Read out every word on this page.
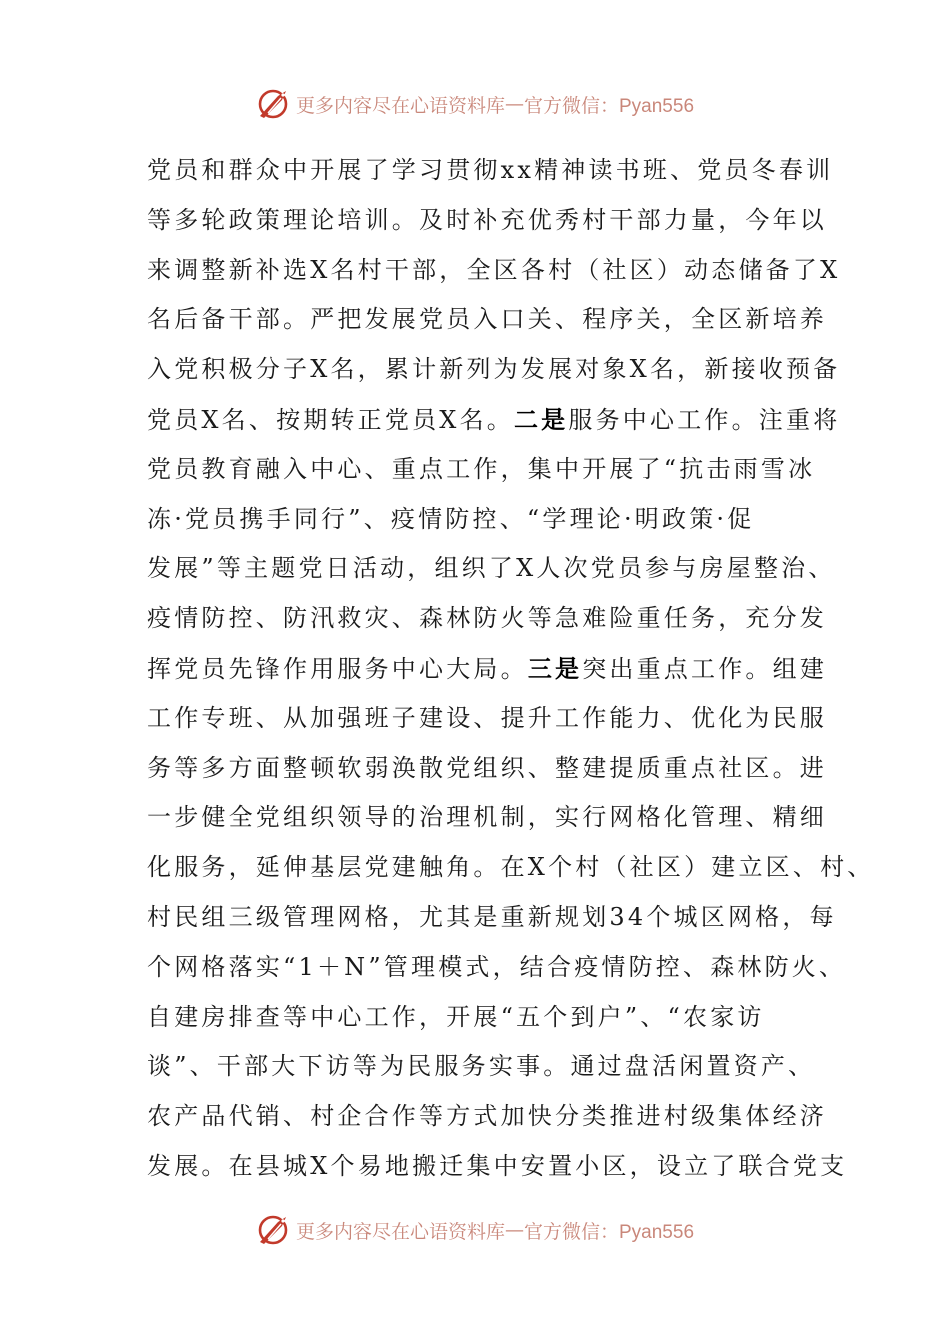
更多内容尽在心语资料库 — 官方微信：Pyan556
党员和群众中开展了学习贯彻xx精神读书班、党员冬春训
等多轮政策理论培训。及时补充优秀村干部力量，今年以
来调整新补选X名村干部，全区各村（社区）动态储备了X
名后备干部。严把发展党员入口关、程序关，全区新培养
入党积极分子X名，累计新列为发展对象X名，新接收预备
党员X名、按期转正党员X名。二是服务中心工作。注重将
党员教育融入中心、重点工作，集中开展了“抗击雨雪冰
冻·党员携手同行”、疫情防控、“学理论·明政策·促
发展”等主题党日活动，组织了X人次党员参与房屋整治、
疫情防控、防汛救灾、森林防火等急难险重任务，充分发
挥党员先锋作用服务中心大局。三是突出重点工作。组建
工作专班、从加强班子建设、提升工作能力、优化为民服
务等多方面整顿软弱涣散党组织、整建提质重点社区。进
一步健全党组织领导的治理机制，实行网格化管理、精细
化服务，延伸基层党建触角。在X个村（社区）建立区、村、
村民组三级管理网格，尤其是重新规划34个城区网格，每
个网格落实“1＋N”管理模式，结合疫情防控、森林防火、
自建房排查等中心工作，开展“五个到户”、“农家访
谈”、干部大下访等为民服务实事。通过盘活闲置资产、
农产品代销、村企合作等方式加快分类推进村级集体经济
发展。在县城X个易地搬迁集中安置小区，设立了联合党支
更多内容尽在心语资料库 — 官方微信：Pyan556
